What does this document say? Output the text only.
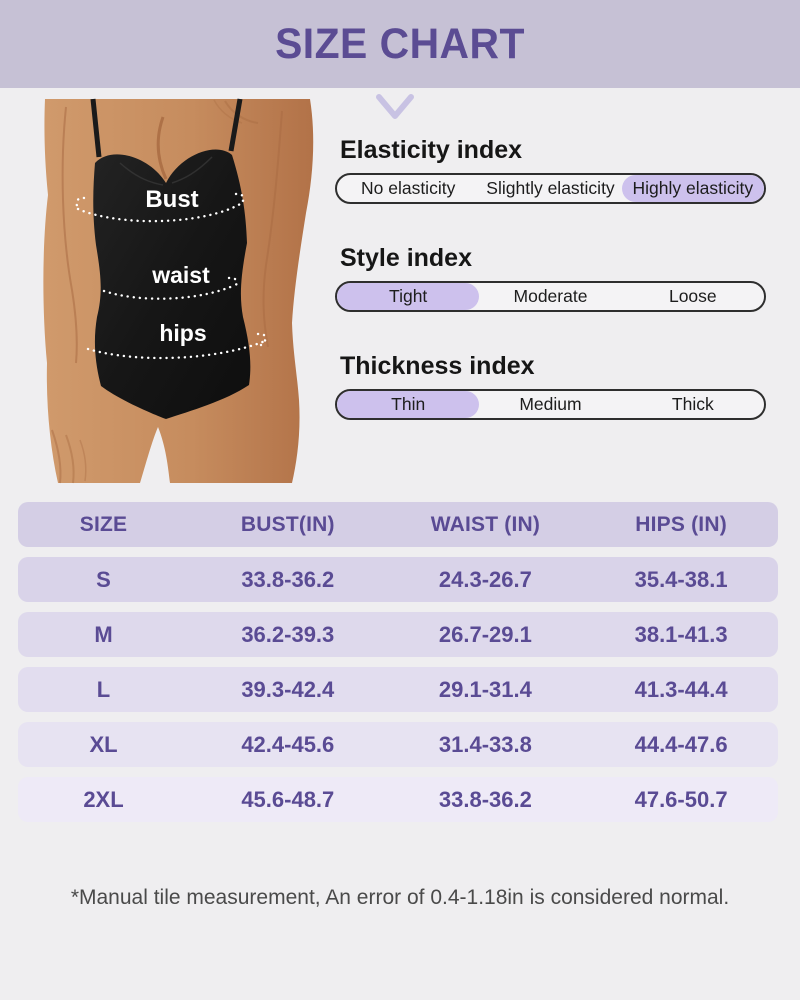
SIZE CHART
Bust
waist
hips
Elasticity index
No elasticity	Slightly elasticity	Highly elasticity
Style index
Tight	Moderate	Loose
Thickness index
Thin	Medium	Thick
SIZE	BUST(IN)	WAIST (IN)	HIPS (IN)
S	33.8-36.2	24.3-26.7	35.4-38.1
M	36.2-39.3	26.7-29.1	38.1-41.3
L	39.3-42.4	29.1-31.4	41.3-44.4
XL	42.4-45.6	31.4-33.8	44.4-47.6
2XL	45.6-48.7	33.8-36.2	47.6-50.7
*Manual tile measurement, An error of 0.4-1.18in is considered normal.
